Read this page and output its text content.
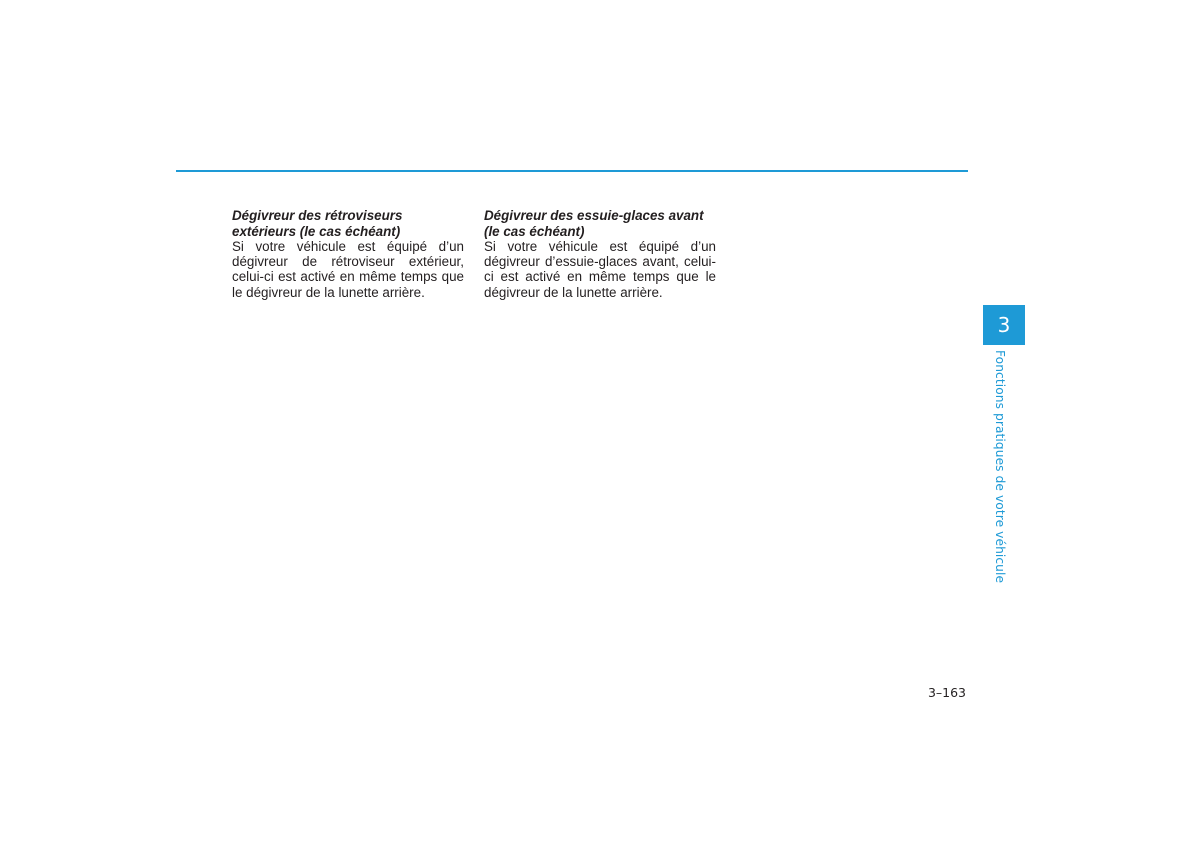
Dégivreur des rétroviseurs extérieurs (le cas échéant)

Si votre véhicule est équipé d’un dégivreur de rétroviseur extérieur, celui-ci est activé en même temps que le dégivreur de la lunette arrière.

Dégivreur des essuie-glaces avant (le cas échéant)

Si votre véhicule est équipé d’un dégivreur d’essuie-glaces avant, celui-ci est activé en même temps que le dégivreur de la lunette arrière.

3
Fonctions pratiques de votre véhicule
3–163
